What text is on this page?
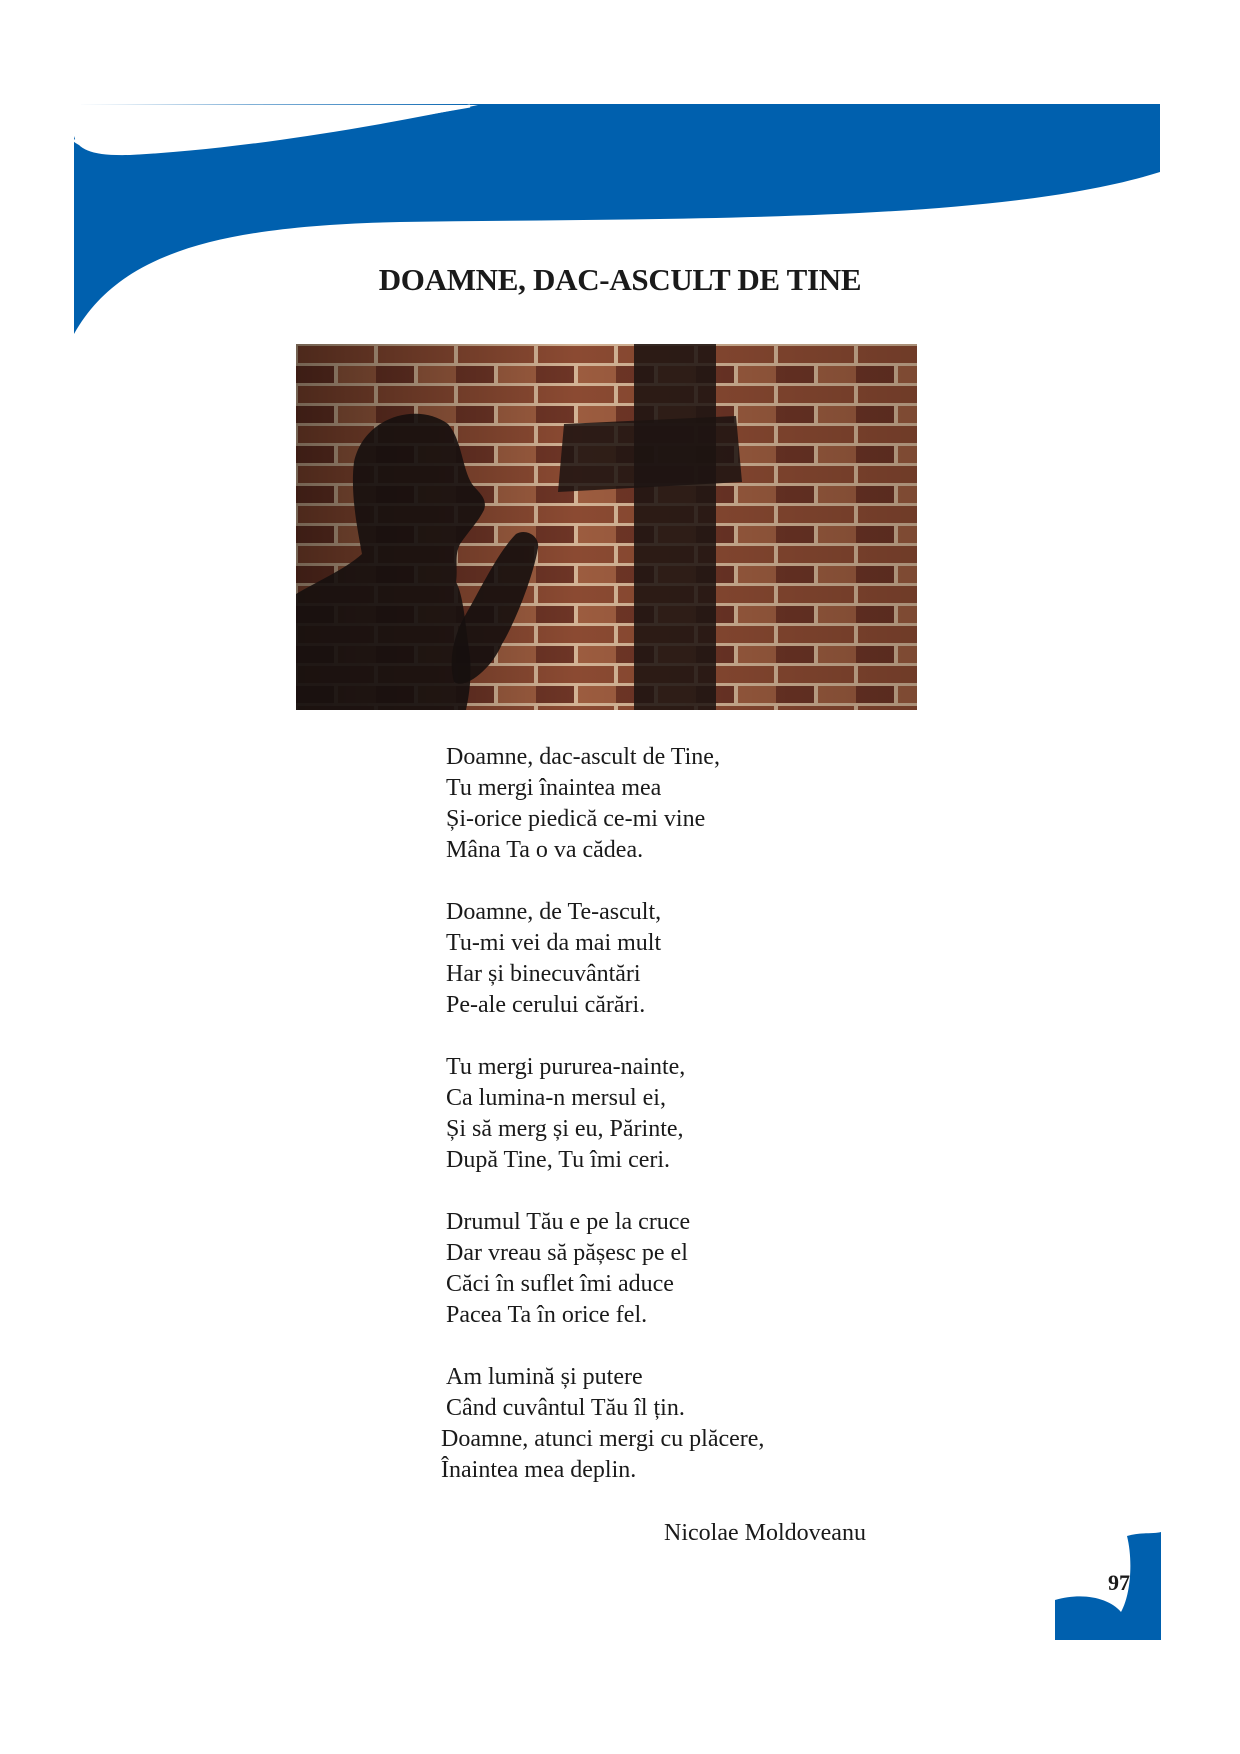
DOAMNE, DAC-ASCULT DE TINE
Doamne, dac-ascult de Tine,
Tu mergi înaintea mea
Și-orice piedică ce-mi vine
Mâna Ta o va cădea.
Doamne, de Te-ascult,
Tu-mi vei da mai mult
Har și binecuvântări
Pe-ale cerului cărări.
Tu mergi pururea-nainte,
Ca lumina-n mersul ei,
Și să merg și eu, Părinte,
După Tine, Tu îmi ceri.
Drumul Tău e pe la cruce
Dar vreau să pășesc pe el
Căci în suflet îmi aduce
Pacea Ta în orice fel.
Am lumină și putere
Când cuvântul Tău îl țin.
Doamne, atunci mergi cu plăcere,
Înaintea mea deplin.
Nicolae Moldoveanu
97
